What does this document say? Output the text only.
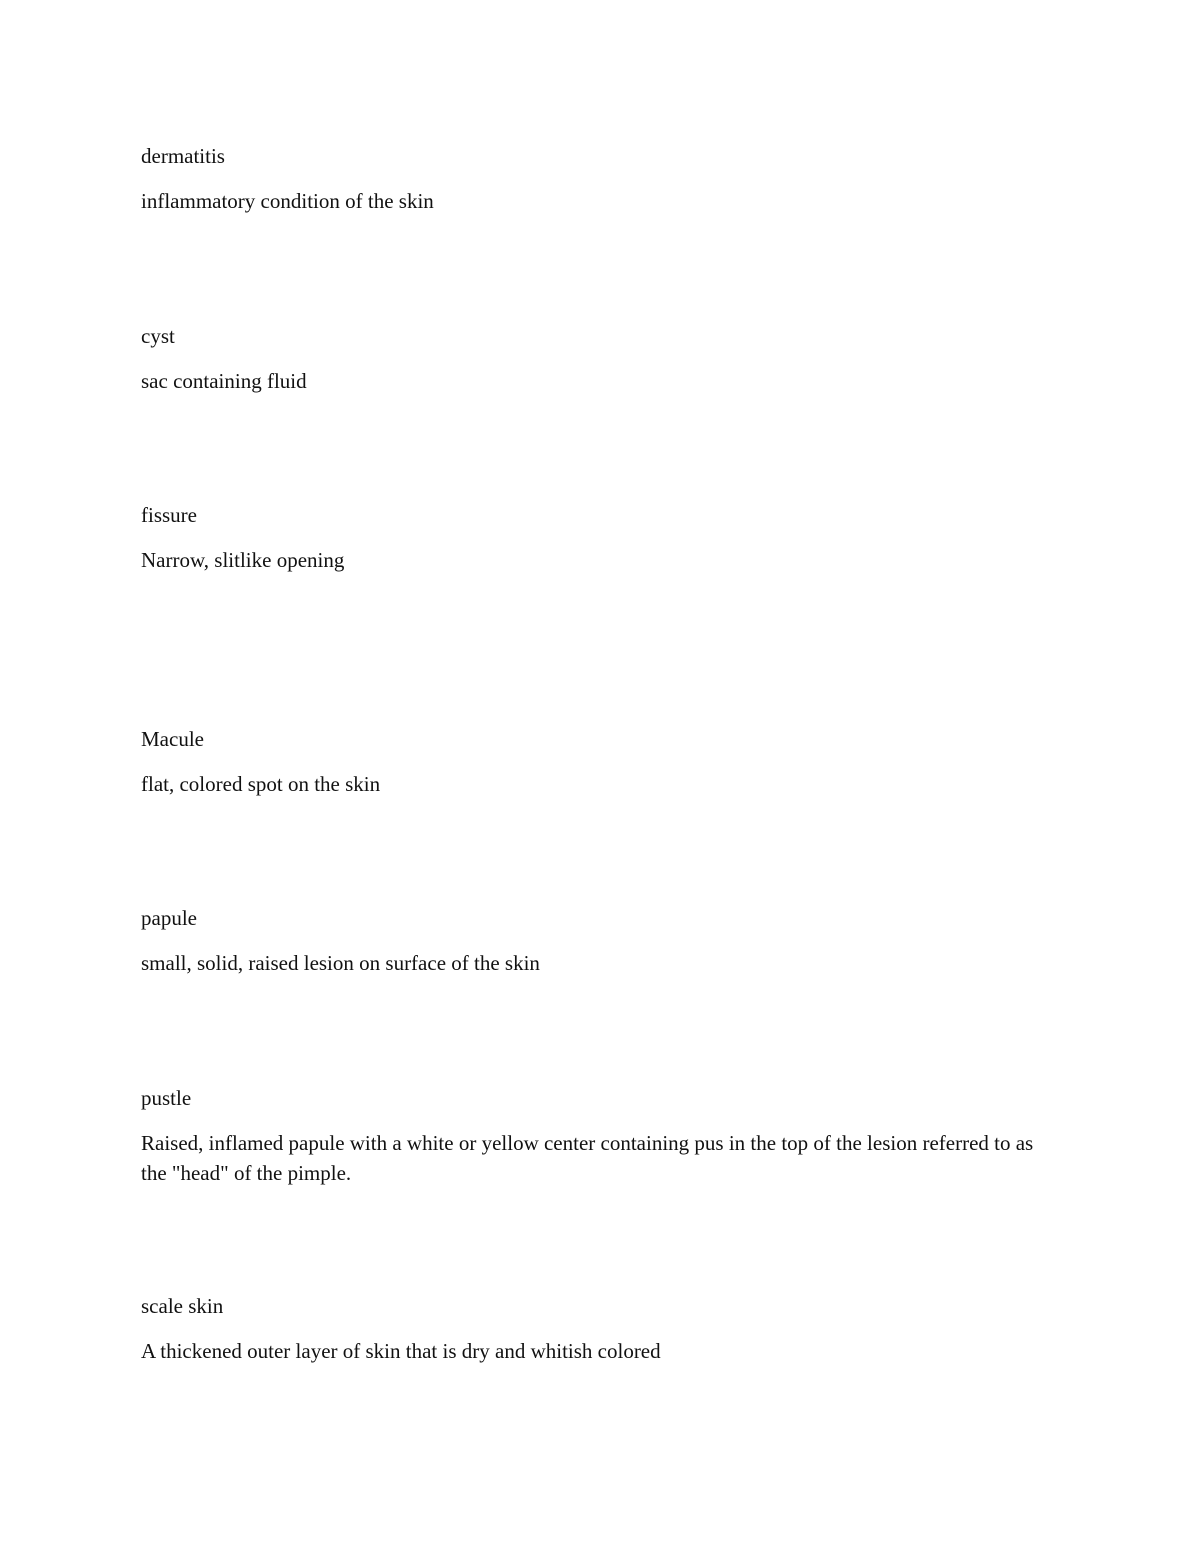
dermatitis

inflammatory condition of the skin

cyst

sac containing fluid

fissure

Narrow, slitlike opening

Macule

flat, colored spot on the skin

papule

small, solid, raised lesion on surface of the skin

pustle

Raised, inflamed papule with a white or yellow center containing pus in the top of the lesion referred to as the "head" of the pimple.

scale skin

A thickened outer layer of skin that is dry and whitish colored
